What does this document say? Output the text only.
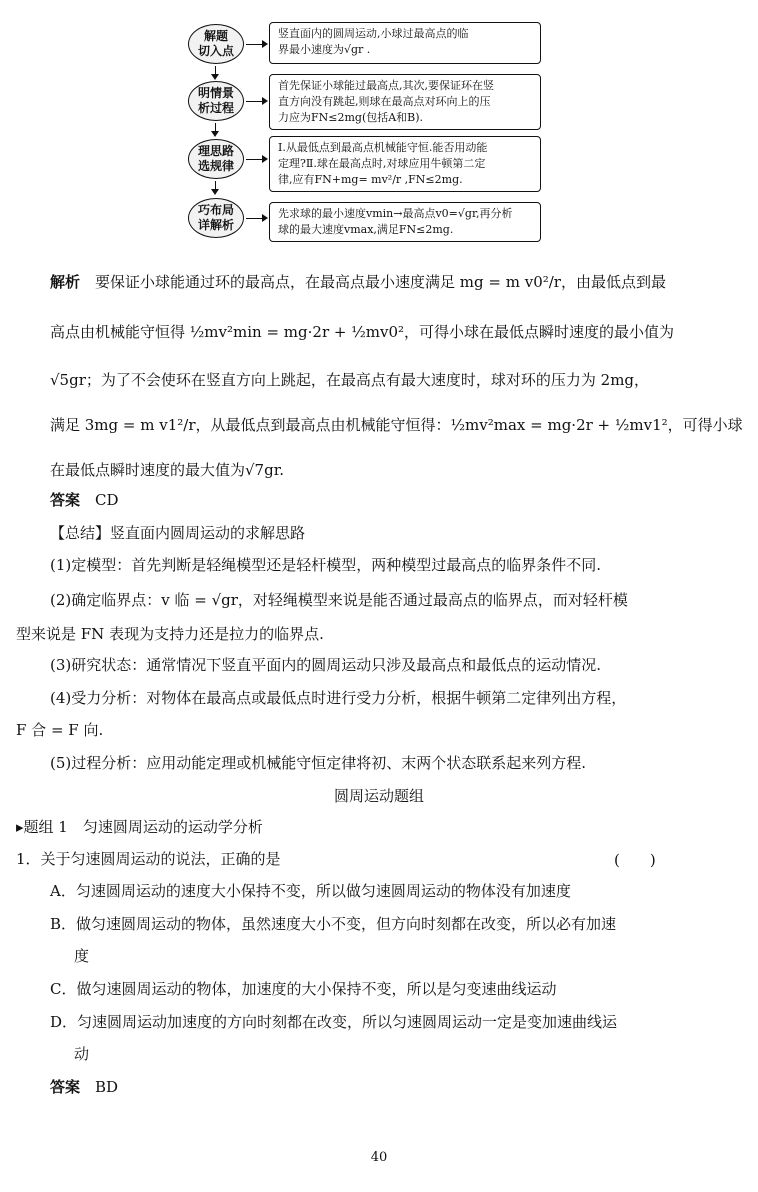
解题
切入点
竖直面内的圆周运动,小球过最高点的临
界最小速度为√gr .
明情景
析过程
首先保证小球能过最高点,其次,要保证环在竖
直方向没有跳起,则球在最高点对环向上的压
力应为FN≤2mg(包括A和B).
理思路
选规律
Ⅰ.从最低点到最高点机械能守恒.能否用动能
定理?Ⅱ.球在最高点时,对球应用牛顿第二定
律,应有FN+mg= mv²/r ,FN≤2mg.
巧布局
详解析
先求球的最小速度vmin→最高点v0=√gr,再分析
球的最大速度vmax,满足FN≤2mg.
解析　 要保证小球能通过环的最高点，在最高点最小速度满足 mg = m v0²/r，由最低点到最
高点由机械能守恒得 ½mv²min = mg·2r + ½mv0²，可得小球在最低点瞬时速度的最小值为
√5gr；为了不会使环在竖直方向上跳起，在最高点有最大速度时，球对环的压力为 2mg，
满足 3mg = m v1²/r，从最低点到最高点由机械能守恒得：½mv²max = mg·2r + ½mv1²，可得小球
在最低点瞬时速度的最大值为√7gr.
答案　 CD
【总结】竖直面内圆周运动的求解思路
(1)定模型：首先判断是轻绳模型还是轻杆模型，两种模型过最高点的临界条件不同.
(2)确定临界点：v 临 = √gr，对轻绳模型来说是能否通过最高点的临界点，而对轻杆模
型来说是 FN 表现为支持力还是拉力的临界点.
(3)研究状态：通常情况下竖直平面内的圆周运动只涉及最高点和最低点的运动情况.
(4)受力分析：对物体在最高点或最低点时进行受力分析，根据牛顿第二定律列出方程，
F 合 = F 向.
(5)过程分析：应用动能定理或机械能守恒定律将初、末两个状态联系起来列方程.
圆周运动题组
▸题组 1　匀速圆周运动的运动学分析
1．关于匀速圆周运动的说法，正确的是	(　　)
A．匀速圆周运动的速度大小保持不变，所以做匀速圆周运动的物体没有加速度
B．做匀速圆周运动的物体，虽然速度大小不变，但方向时刻都在改变，所以必有加速
度
C．做匀速圆周运动的物体，加速度的大小保持不变，所以是匀变速曲线运动
D．匀速圆周运动加速度的方向时刻都在改变，所以匀速圆周运动一定是变加速曲线运
动
答案　 BD
40
